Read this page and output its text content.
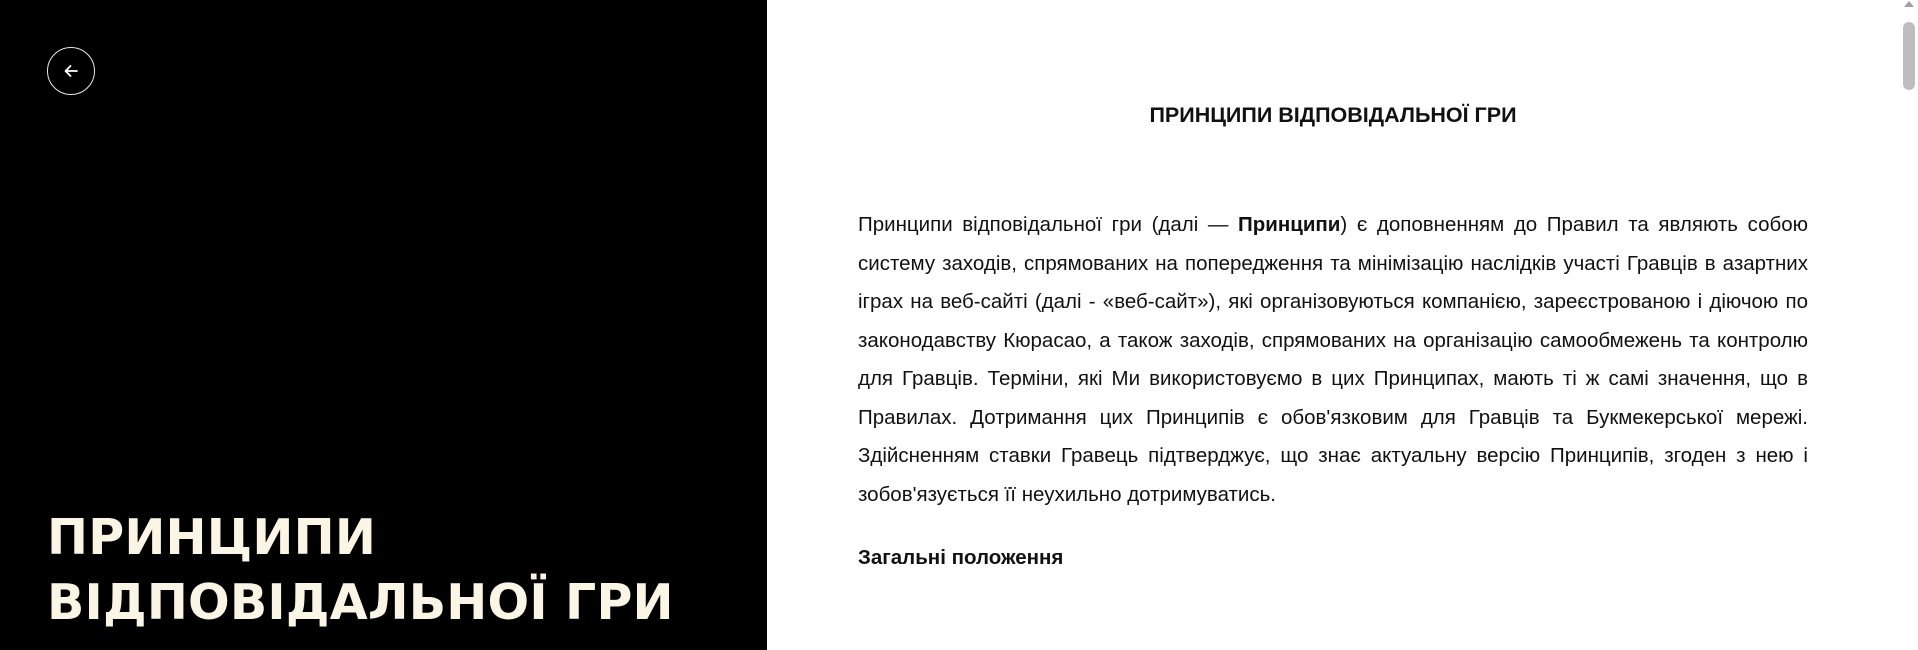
ПРИНЦИПИ
ВІДПОВІДАЛЬНОЇ ГРИ
ПРИНЦИПИ ВІДПОВІДАЛЬНОЇ ГРИ

Принципи відповідальної гри (далі — Принципи) є доповненням до Правил та являють собою систему заходів, спрямованих на попередження та мінімізацію наслідків участі Гравців в азартних іграх на веб-сайті (далі - «веб-сайт»), які організовуються компанією, зареєстрованою і діючою по законодавству Кюрасао, а також заходів, спрямованих на організацію самообмежень та контролю для Гравців. Терміни, які Ми використовуємо в цих Принципах, мають ті ж самі значення, що в Правилах. Дотримання цих Принципів є обов'язковим для Гравців та Букмекерської мережі. Здійсненням ставки Гравець підтверджує, що знає актуальну версію Принципів, згоден з нею і зобов'язується її неухильно дотримуватись.

Загальні положення
